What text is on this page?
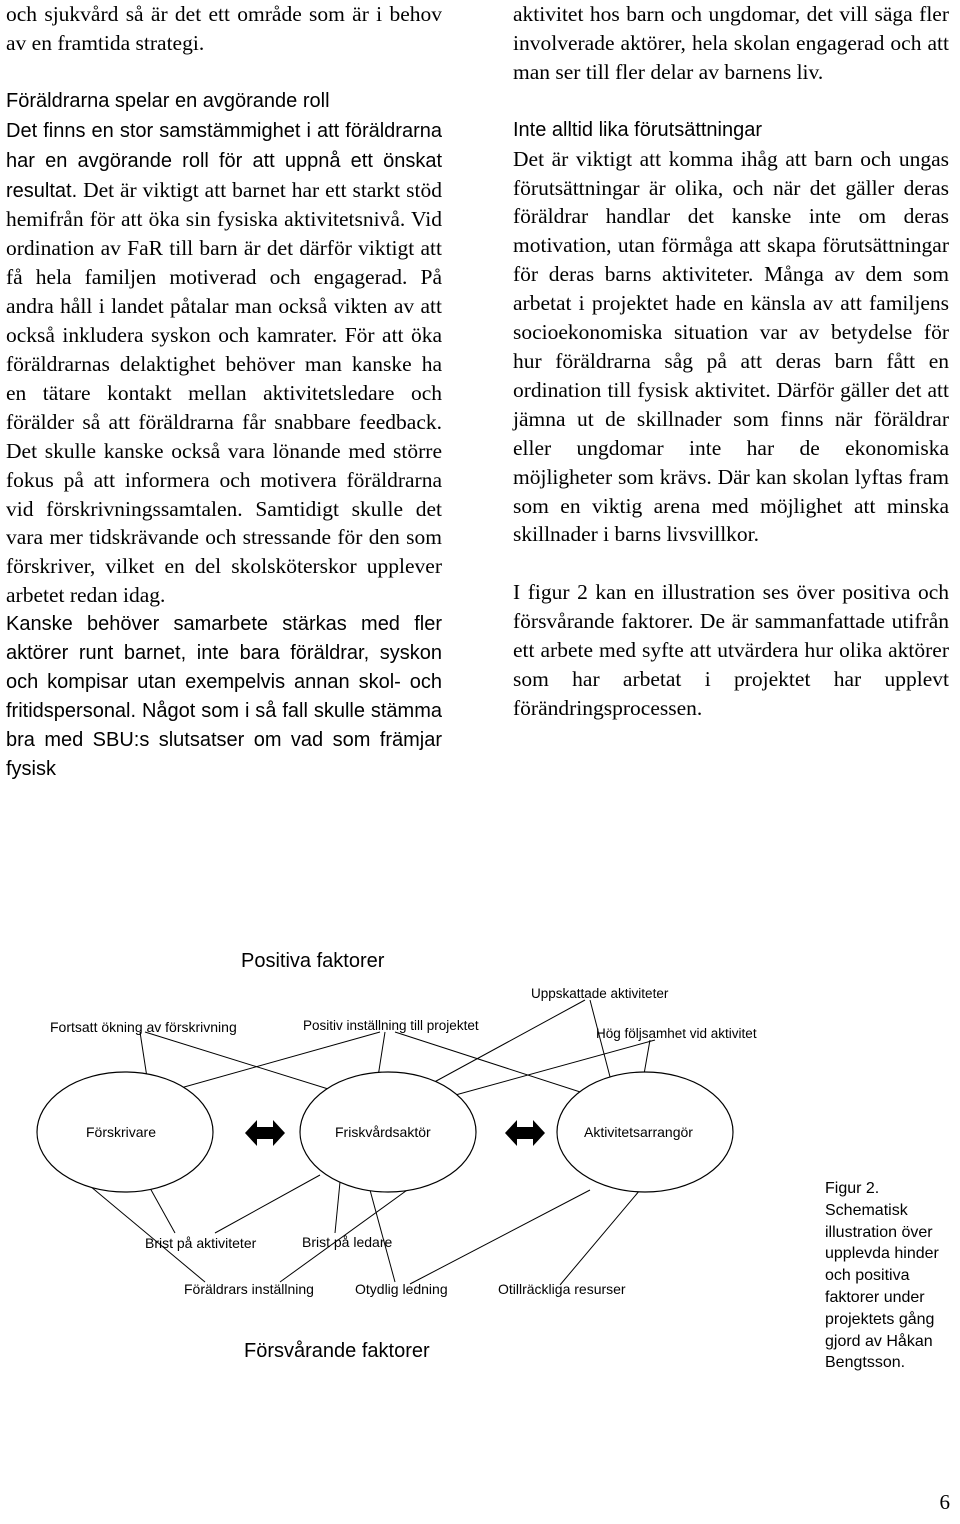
och sjukvård så är det ett område som är i behov av en framtida strategi.

Föräldrarna spelar en avgörande roll

Det finns en stor samstämmighet i att föräldrarna har en avgörande roll för att uppnå ett önskat resultat. Det är viktigt att barnet har ett starkt stöd hemifrån för att öka sin fysiska aktivitetsnivå. Vid ordination av FaR till barn är det därför viktigt att få hela familjen motiverad och engagerad. På andra håll i landet påtalar man också vikten av att också inkludera syskon och kamrater. För att öka föräldrarnas delaktighet behöver man kanske ha en tätare kontakt mellan aktivitetsledare och förälder så att föräldrarna får snabbare feedback. Det skulle kanske också vara lönande med större fokus på att informera och motivera föräldrarna vid förskrivningssamtalen. Samtidigt skulle det vara mer tidskrävande och stressande för den som förskriver, vilket en del skolsköterskor upplever arbetet redan idag.

Kanske behöver samarbete stärkas med fler aktörer runt barnet, inte bara föräldrar, syskon och kompisar utan exempelvis annan skol- och fritidspersonal. Något som i så fall skulle stämma bra med SBU:s slutsatser om vad som främjar fysisk

aktivitet hos barn och ungdomar, det vill säga fler involverade aktörer, hela skolan engagerad och att man ser till fler delar av barnens liv.

Inte alltid lika förutsättningar

Det är viktigt att komma ihåg att barn och ungas förutsättningar är olika, och när det gäller deras föräldrar handlar det kanske inte om deras motivation, utan förmåga att skapa förutsättningar för deras barns aktiviteter. Många av dem som arbetat i projektet hade en känsla av att familjens socioekonomiska situation var av betydelse för hur föräldrarna såg på att deras barn fått en ordination till fysisk aktivitet. Därför gäller det att jämna ut de skillnader som finns när föräldrar eller ungdomar inte har de ekonomiska möjligheter som krävs. Där kan skolan lyftas fram som en viktig arena med möjlighet att minska skillnader i barns livsvillkor.

I figur 2 kan en illustration ses över positiva och försvårande faktorer. De är sammanfattade utifrån ett arbete med syfte att utvärdera hur olika aktörer som har arbetat i projektet har upplevt förändringsprocessen.

Positiva faktorer
Försvårande faktorer
Fortsatt ökning av förskrivning	Positiv inställning till projektet
Uppskattade aktiviteter
Hög följsamhet vid aktivitet
Förskrivare	Friskvårdsaktör	Aktivitetsarrangör
Brist på aktiviteter	Brist på ledare
Föräldrars inställning	Otydlig ledning	Otillräckliga resurser
Figur 2. Schematisk illustration över upplevda hinder och positiva faktorer under projektets gång gjord av Håkan Bengtsson.
6
